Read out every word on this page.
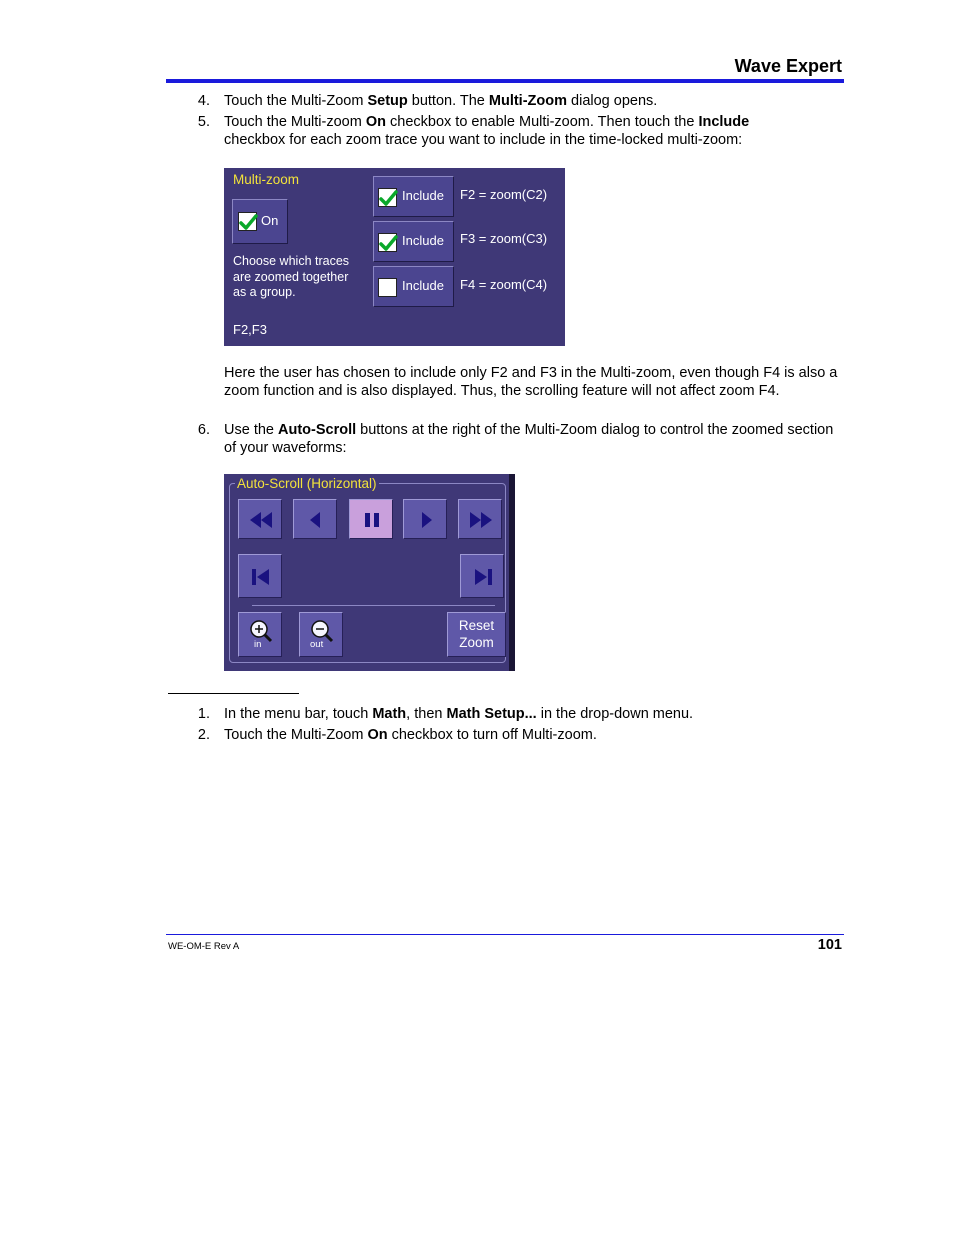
Wave Expert
4. Touch the Multi-Zoom Setup button. The Multi-Zoom dialog opens.
5. Touch the Multi-zoom On checkbox to enable Multi-zoom. Then touch the Include checkbox for each zoom trace you want to include in the time-locked multi-zoom:
Multi-zoom
On
Choose which traces
are zoomed together
as a group.
F2,F3
Include F2 = zoom(C2)
Include F3 = zoom(C3)
Include F4 = zoom(C4)
Here the user has chosen to include only F2 and F3 in the Multi-zoom, even though F4 is also a zoom function and is also displayed. Thus, the scrolling feature will not affect zoom F4.
6. Use the Auto-Scroll buttons at the right of the Multi-Zoom dialog to control the zoomed section of your waveforms:
Auto-Scroll (Horizontal)
in	out
Reset
Zoom
1. In the menu bar, touch Math, then Math Setup... in the drop-down menu.
2. Touch the Multi-Zoom On checkbox to turn off Multi-zoom.
WE-OM-E Rev A	101
